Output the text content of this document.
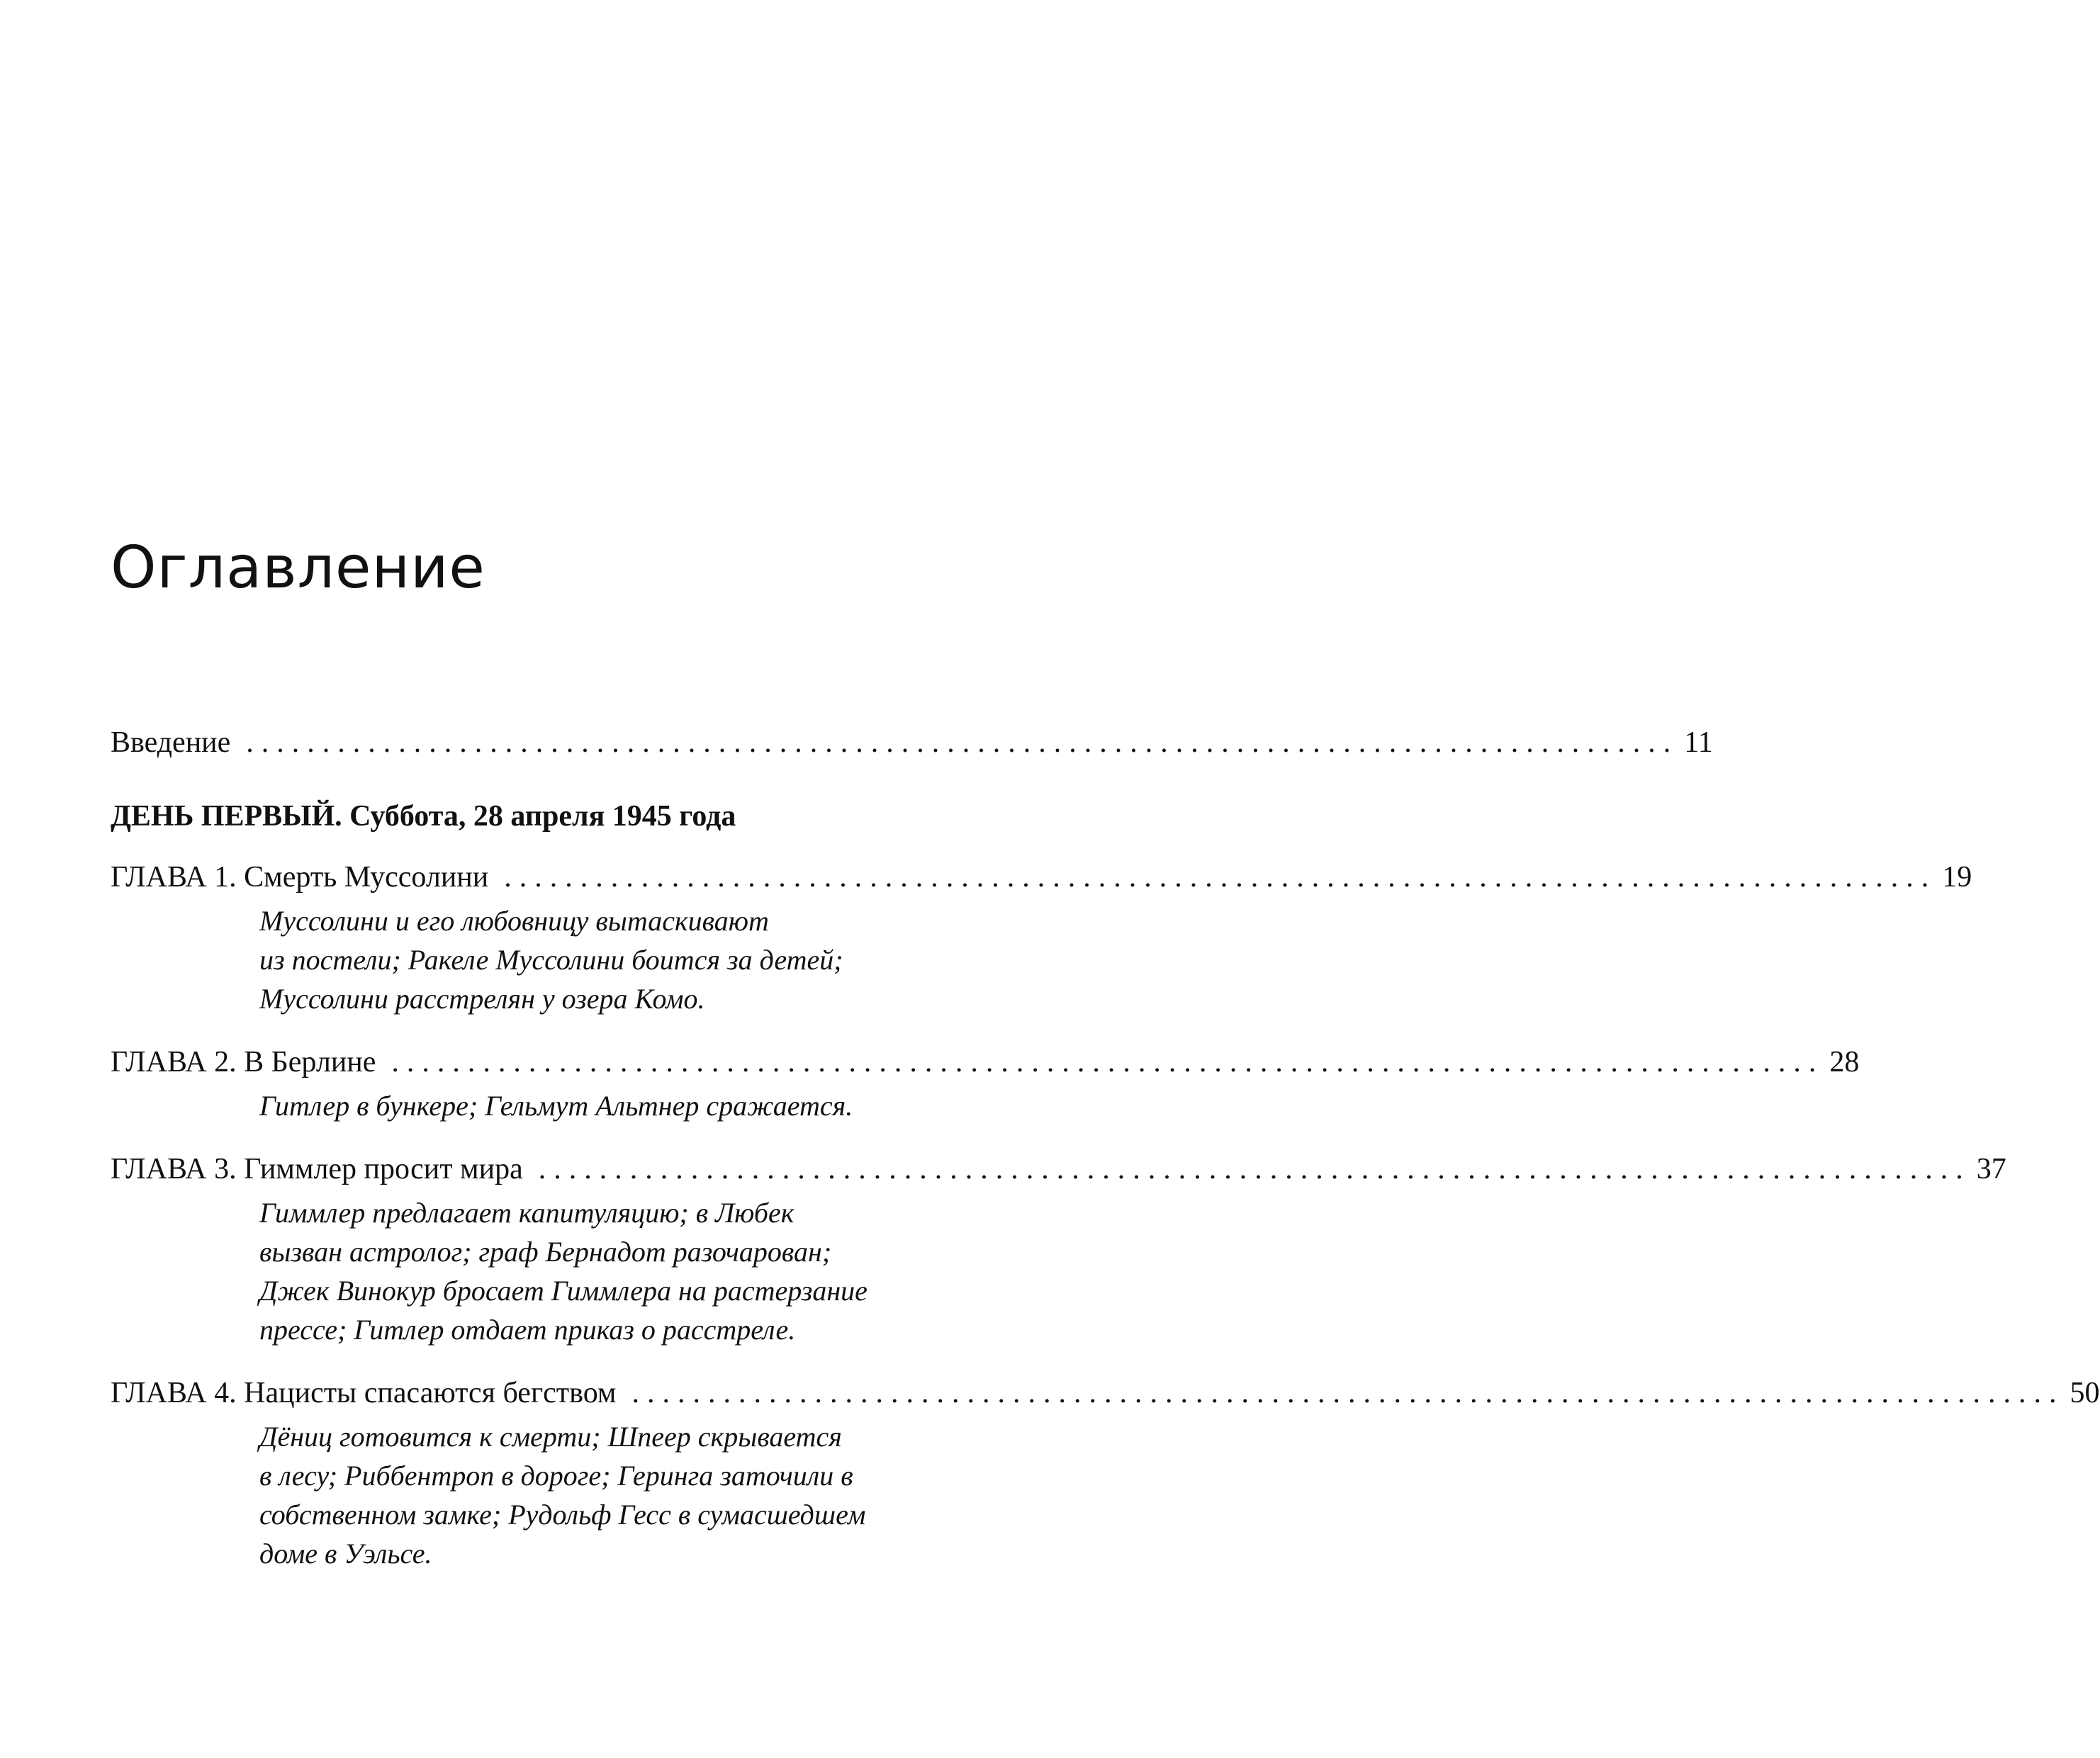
Оглавление
Введение .............................................................................................. 11
ДЕНЬ ПЕРВЫЙ. Суббота, 28 апреля 1945 года
ГЛАВА 1. Смерть Муссолини .............................................................................................. 19
Муссолини и его любовницу вытаскивают
из постели; Ракеле Муссолини боится за детей;
Муссолини расстрелян у озера Комо.
ГЛАВА 2. В Берлине .............................................................................................. 28
Гитлер в бункере; Гельмут Альтнер сражается.
ГЛАВА 3. Гиммлер просит мира .............................................................................................. 37
Гиммлер предлагает капитуляцию; в Любек
вызван астролог; граф Бернадот разочарован;
Джек Винокур бросает Гиммлера на растерзание
прессе; Гитлер отдает приказ о расстреле.
ГЛАВА 4. Нацисты спасаются бегством .............................................................................................. 50
Дёниц готовится к смерти; Шпеер скрывается
в лесу; Риббентроп в дороге; Геринга заточили в
собственном замке; Рудольф Гесс в сумасшедшем
доме в Уэльсе.
